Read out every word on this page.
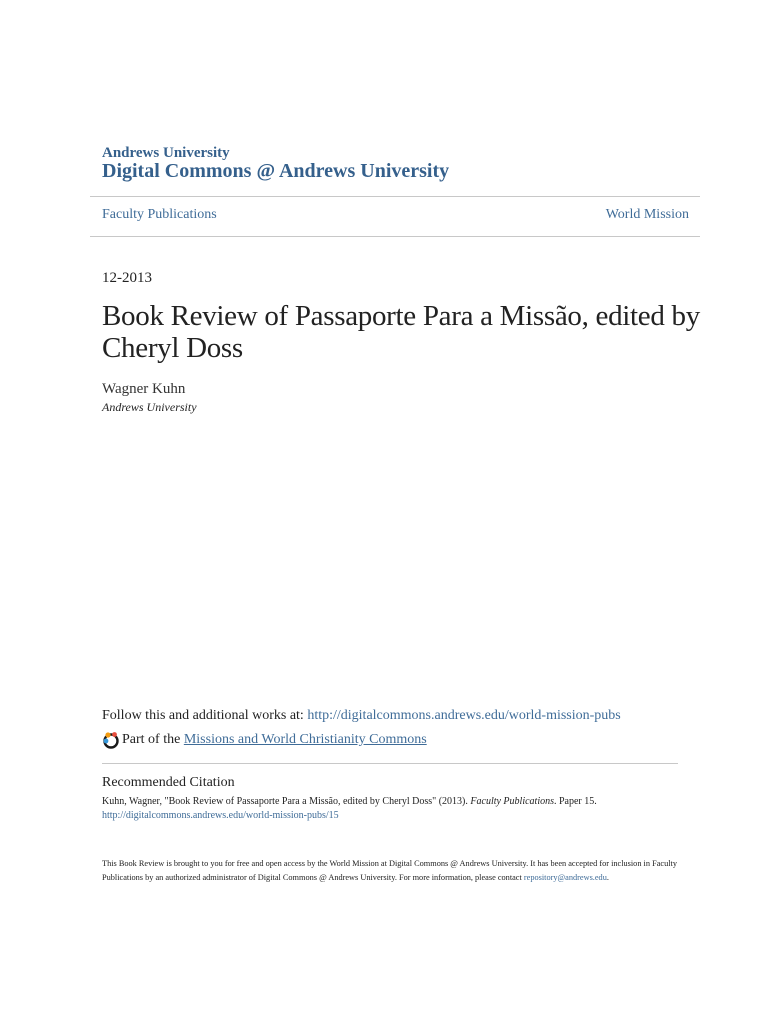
Andrews University
Digital Commons @ Andrews University
Faculty Publications	World Mission
12-2013
Book Review of Passaporte Para a Missão, edited by Cheryl Doss
Wagner Kuhn
Andrews University
Follow this and additional works at: http://digitalcommons.andrews.edu/world-mission-pubs
Part of the
Missions and World Christianity Commons
Recommended Citation
Kuhn, Wagner, "Book Review of Passaporte Para a Missão, edited by Cheryl Doss" (2013). Faculty Publications. Paper 15.
http://digitalcommons.andrews.edu/world-mission-pubs/15
This Book Review is brought to you for free and open access by the World Mission at Digital Commons @ Andrews University. It has been accepted for inclusion in Faculty Publications by an authorized administrator of Digital Commons @ Andrews University. For more information, please contact repository@andrews.edu.
